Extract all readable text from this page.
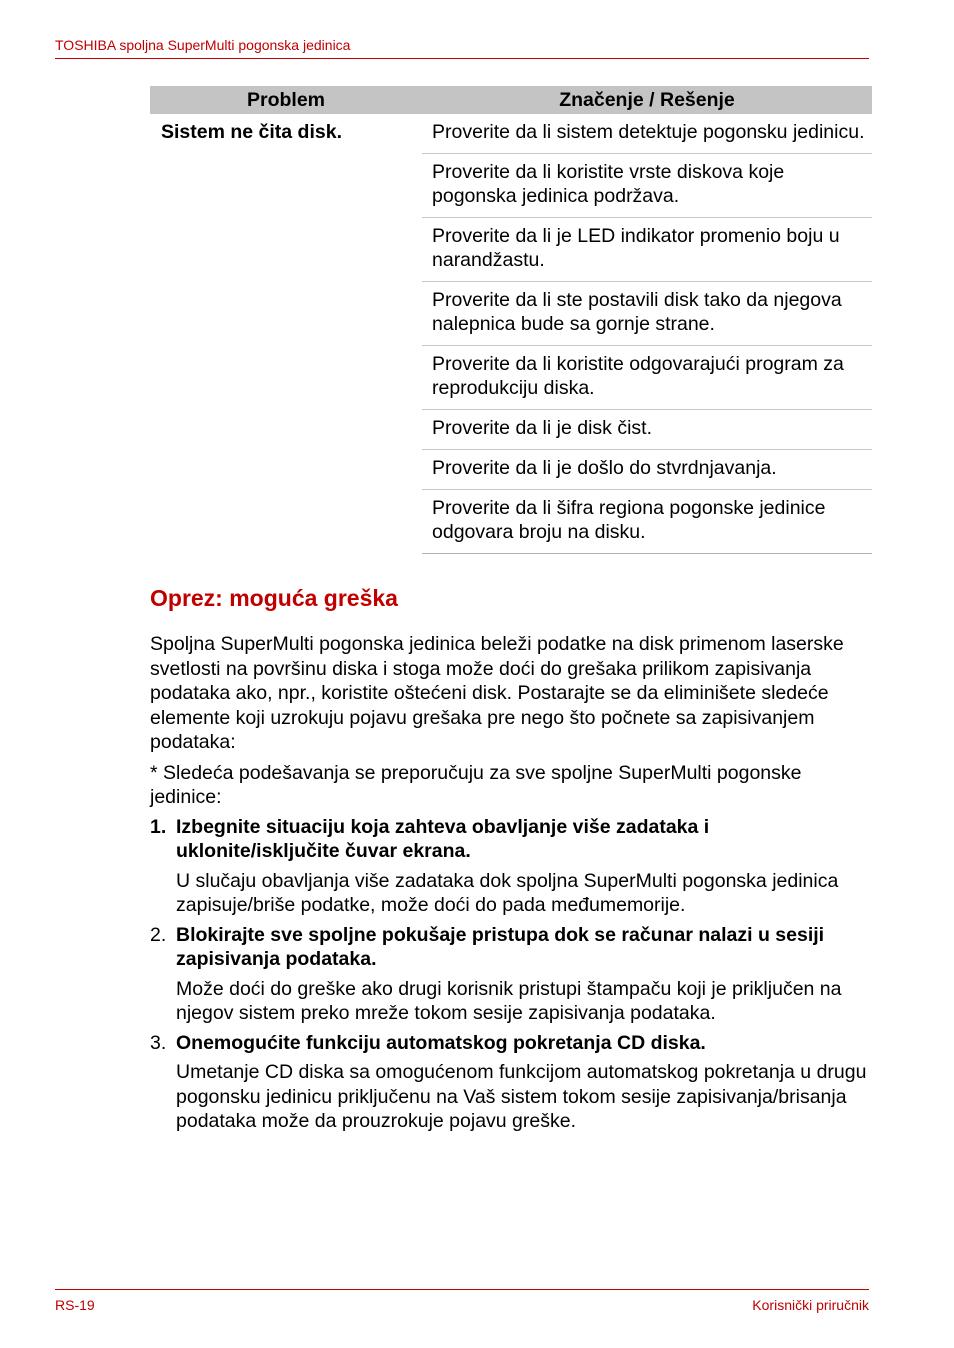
TOSHIBA spoljna SuperMulti pogonska jedinica
Problem	Značenje / Rešenje
Sistem ne čita disk.	Proverite da li sistem detektuje pogonsku jedinicu.
	Proverite da li koristite vrste diskova koje pogonska jedinica podržava.
	Proverite da li je LED indikator promenio boju u narandžastu.
	Proverite da li ste postavili disk tako da njegova nalepnica bude sa gornje strane.
	Proverite da li koristite odgovarajući program za reprodukciju diska.
	Proverite da li je disk čist.
	Proverite da li je došlo do stvrdnjavanja.
	Proverite da li šifra regiona pogonske jedinice odgovara broju na disku.
Oprez: moguća greška

Spoljna SuperMulti pogonska jedinica beleži podatke na disk primenom laserske svetlosti na površinu diska i stoga može doći do grešaka prilikom zapisivanja podataka ako, npr., koristite oštećeni disk. Postarajte se da eliminišete sledeće elemente koji uzrokuju pojavu grešaka pre nego što počnete sa zapisivanjem podataka:

* Sledeća podešavanja se preporučuju za sve spoljne SuperMulti pogonske jedinice:

1. Izbegnite situaciju koja zahteva obavljanje više zadataka i uklonite/isključite čuvar ekrana.

U slučaju obavljanja više zadataka dok spoljna SuperMulti pogonska jedinica zapisuje/briše podatke, može doći do pada međumemorije.

2. Blokirajte sve spoljne pokušaje pristupa dok se računar nalazi u sesiji zapisivanja podataka.

Može doći do greške ako drugi korisnik pristupi štampaču koji je priključen na njegov sistem preko mreže tokom sesije zapisivanja podataka.

3. Onemogućite funkciju automatskog pokretanja CD diska.

Umetanje CD diska sa omogućenom funkcijom automatskog pokretanja u drugu pogonsku jedinicu priključenu na Vaš sistem tokom sesije zapisivanja/brisanja podataka može da prouzrokuje pojavu greške.

RS-19	Korisnički priručnik
